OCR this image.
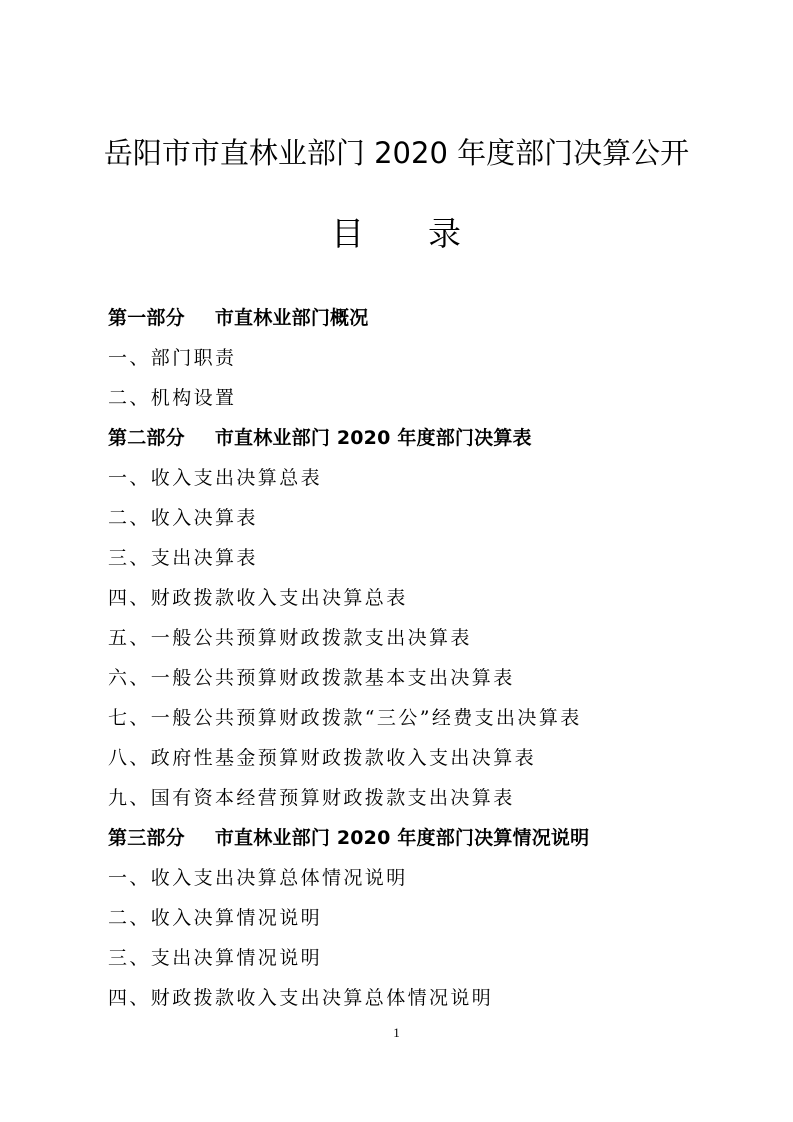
岳阳市市直林业部门 2020 年度部门决算公开
目 录
第一部分 市直林业部门概况
一、部门职责
二、机构设置
第二部分 市直林业部门 2020 年度部门决算表
一、收入支出决算总表
二、收入决算表
三、支出决算表
四、财政拨款收入支出决算总表
五、一般公共预算财政拨款支出决算表
六、一般公共预算财政拨款基本支出决算表
七、一般公共预算财政拨款“三公”经费支出决算表
八、政府性基金预算财政拨款收入支出决算表
九、国有资本经营预算财政拨款支出决算表
第三部分 市直林业部门 2020 年度部门决算情况说明
一、收入支出决算总体情况说明
二、收入决算情况说明
三、支出决算情况说明
四、财政拨款收入支出决算总体情况说明
1
